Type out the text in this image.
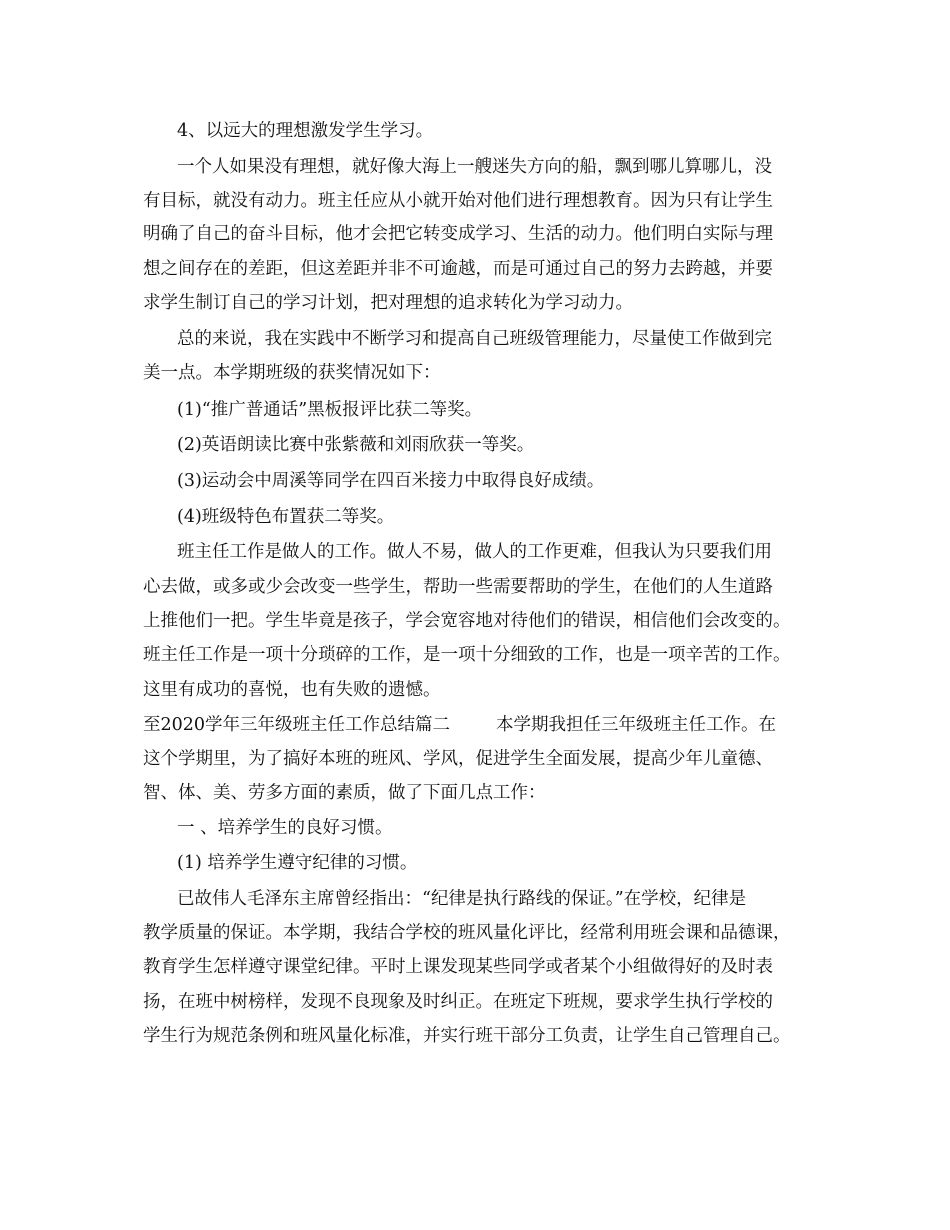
4、以远大的理想激发学生学习。

一个人如果没有理想，就好像大海上一艘迷失方向的船，飘到哪儿算哪儿，没

有目标，就没有动力。班主任应从小就开始对他们进行理想教育。因为只有让学生

明确了自己的奋斗目标，他才会把它转变成学习、生活的动力。他们明白实际与理

想之间存在的差距，但这差距并非不可逾越，而是可通过自己的努力去跨越，并要

求学生制订自己的学习计划，把对理想的追求转化为学习动力。

总的来说，我在实践中不断学习和提高自己班级管理能力，尽量使工作做到完

美一点。本学期班级的获奖情况如下：

(1)“推广普通话”黑板报评比获二等奖。

(2)英语朗读比赛中张紫薇和刘雨欣获一等奖。

(3)运动会中周溪等同学在四百米接力中取得良好成绩。

(4)班级特色布置获二等奖。

班主任工作是做人的工作。做人不易，做人的工作更难，但我认为只要我们用

心去做，或多或少会改变一些学生，帮助一些需要帮助的学生，在他们的人生道路

上推他们一把。学生毕竟是孩子，学会宽容地对待他们的错误，相信他们会改变的。

班主任工作是一项十分琐碎的工作，是一项十分细致的工作，也是一项辛苦的工作。

这里有成功的喜悦，也有失败的遗憾。

至2020学年三年级班主任工作总结篇二	本学期我担任三年级班主任工作。在

这个学期里，为了搞好本班的班风、学风，促进学生全面发展，提高少年儿童德、

智、体、美、劳多方面的素质，做了下面几点工作：

一 、培养学生的良好习惯。

(1) 培养学生遵守纪律的习惯。

已故伟人毛泽东主席曾经指出：“纪律是执行路线的保证。”在学校，纪律是

教学质量的保证。本学期，我结合学校的班风量化评比，经常利用班会课和品德课，

教育学生怎样遵守课堂纪律。平时上课发现某些同学或者某个小组做得好的及时表

扬，在班中树榜样，发现不良现象及时纠正。在班定下班规，要求学生执行学校的

学生行为规范条例和班风量化标准，并实行班干部分工负责，让学生自己管理自己。
